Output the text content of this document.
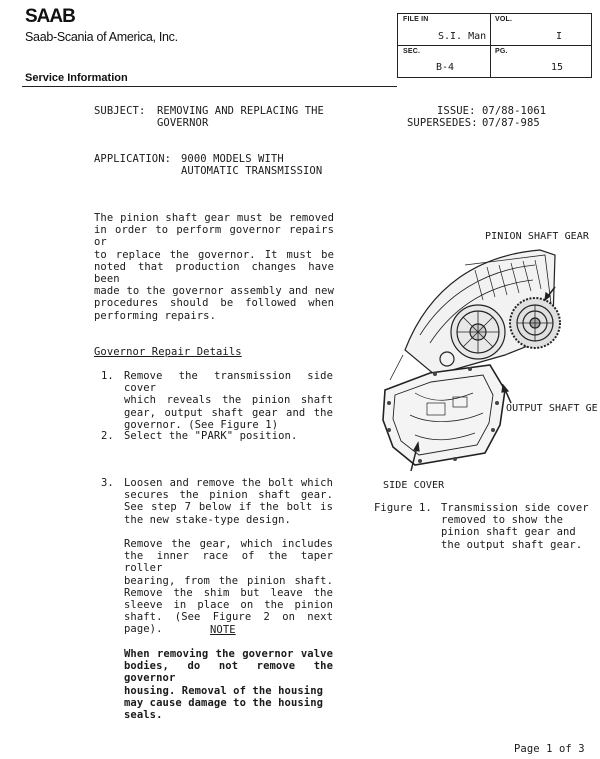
SAAB
Saab-Scania of America, Inc.
Service Information
FILE IN
S.I. Man
VOL.
I
SEC.
B-4
PG.
15
SUBJECT: REMOVING AND REPLACING THE
GOVERNOR
ISSUE: 07/88-1061
SUPERSEDES: 07/87-985
APPLICATION: 9000 MODELS WITH
AUTOMATIC TRANSMISSION
The pinion shaft gear must be removed
in order to perform governor repairs or
to replace the governor. It must be
noted that production changes have been
made to the governor assembly and new
procedures should be followed when
performing repairs.
Governor Repair Details
1. Remove the transmission side cover
which reveals the pinion shaft
gear, output shaft gear and the
governor. (See Figure 1)
2. Select the "PARK" position.
3. Loosen and remove the bolt which
secures the pinion shaft gear.
See step 7 below if the bolt is
the new stake-type design.
Remove the gear, which includes
the inner race of the taper roller
bearing, from the pinion shaft.
Remove the shim but leave the
sleeve in place on the pinion
shaft. (See Figure 2 on next
page).	NOTE
When removing the governor valve
bodies, do not remove the governor
housing. Removal of the housing
may cause damage to the housing
seals.
PINION SHAFT GEAR
OUTPUT SHAFT GE
SIDE COVER
Figure 1. Transmission side cover
removed to show the
pinion shaft gear and
the output shaft gear.
Page 1 of 3
